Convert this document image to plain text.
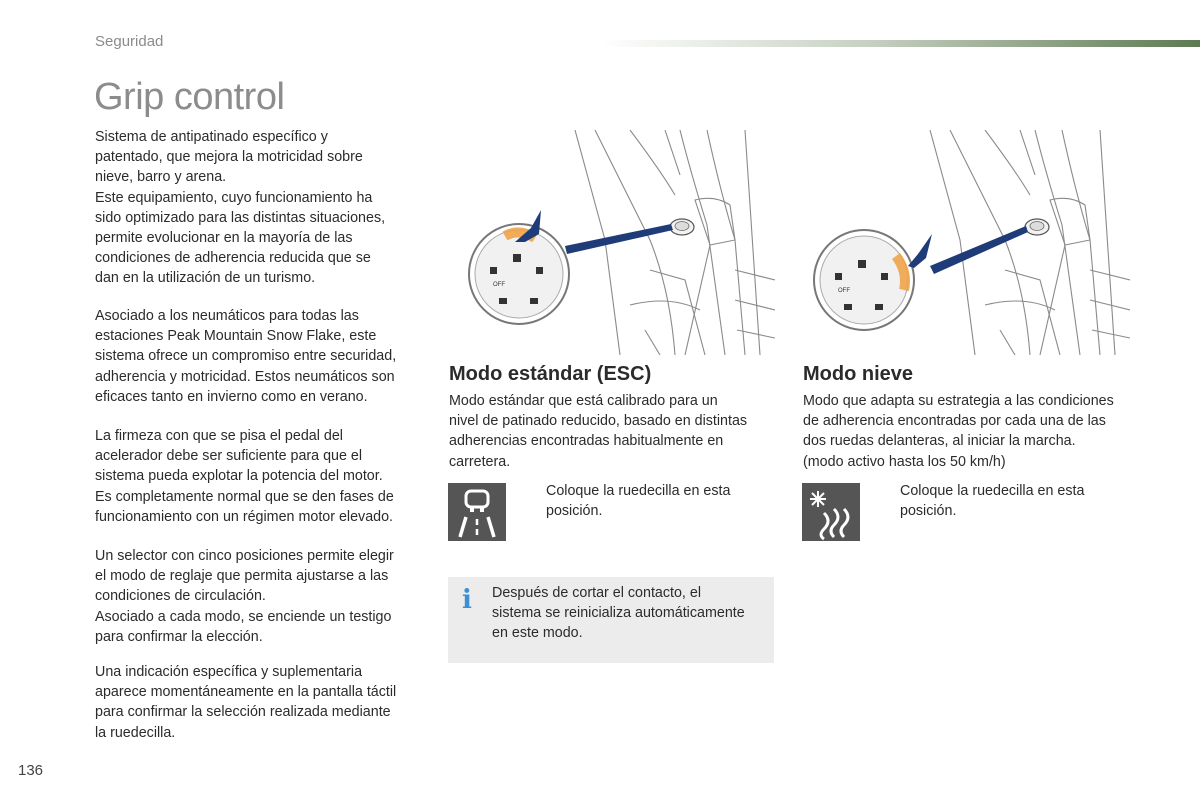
Seguridad
Grip control
Sistema de antipatinado específico y
patentado, que mejora la motricidad sobre
nieve, barro y arena.
Este equipamiento, cuyo funcionamiento ha
sido optimizado para las distintas situaciones,
permite evolucionar en la mayoría de las
condiciones de adherencia reducida que se
dan en la utilización de un turismo.
Asociado a los neumáticos para todas las
estaciones Peak Mountain Snow Flake, este
sistema ofrece un compromiso entre securidad,
adherencia y motricidad. Estos neumáticos son
eficaces tanto en invierno como en verano.
La firmeza con que se pisa el pedal del
acelerador debe ser suficiente para que el
sistema pueda explotar la potencia del motor.
Es completamente normal que se den fases de
funcionamiento con un régimen motor elevado.
Un selector con cinco posiciones permite elegir
el modo de reglaje que permita ajustarse a las
condiciones de circulación.
Asociado a cada modo, se enciende un testigo
para confirmar la elección.
Una indicación específica y suplementaria
aparece momentáneamente en la pantalla táctil
para confirmar la selección realizada mediante
la ruedecilla.
136
OFF
OFF
Modo estándar (ESC)
Modo estándar que está calibrado para un
nivel de patinado reducido, basado en distintas
adherencias encontradas habitualmente en
carretera.
Coloque la ruedecilla en esta
posición.
Modo nieve
Modo que adapta su estrategia a las condiciones
de adherencia encontradas por cada una de las
dos ruedas delanteras, al iniciar la marcha.
(modo activo hasta los 50 km/h)
Coloque la ruedecilla en esta
posición.
i Después de cortar el contacto, el
sistema se reinicializa automáticamente
en este modo.
